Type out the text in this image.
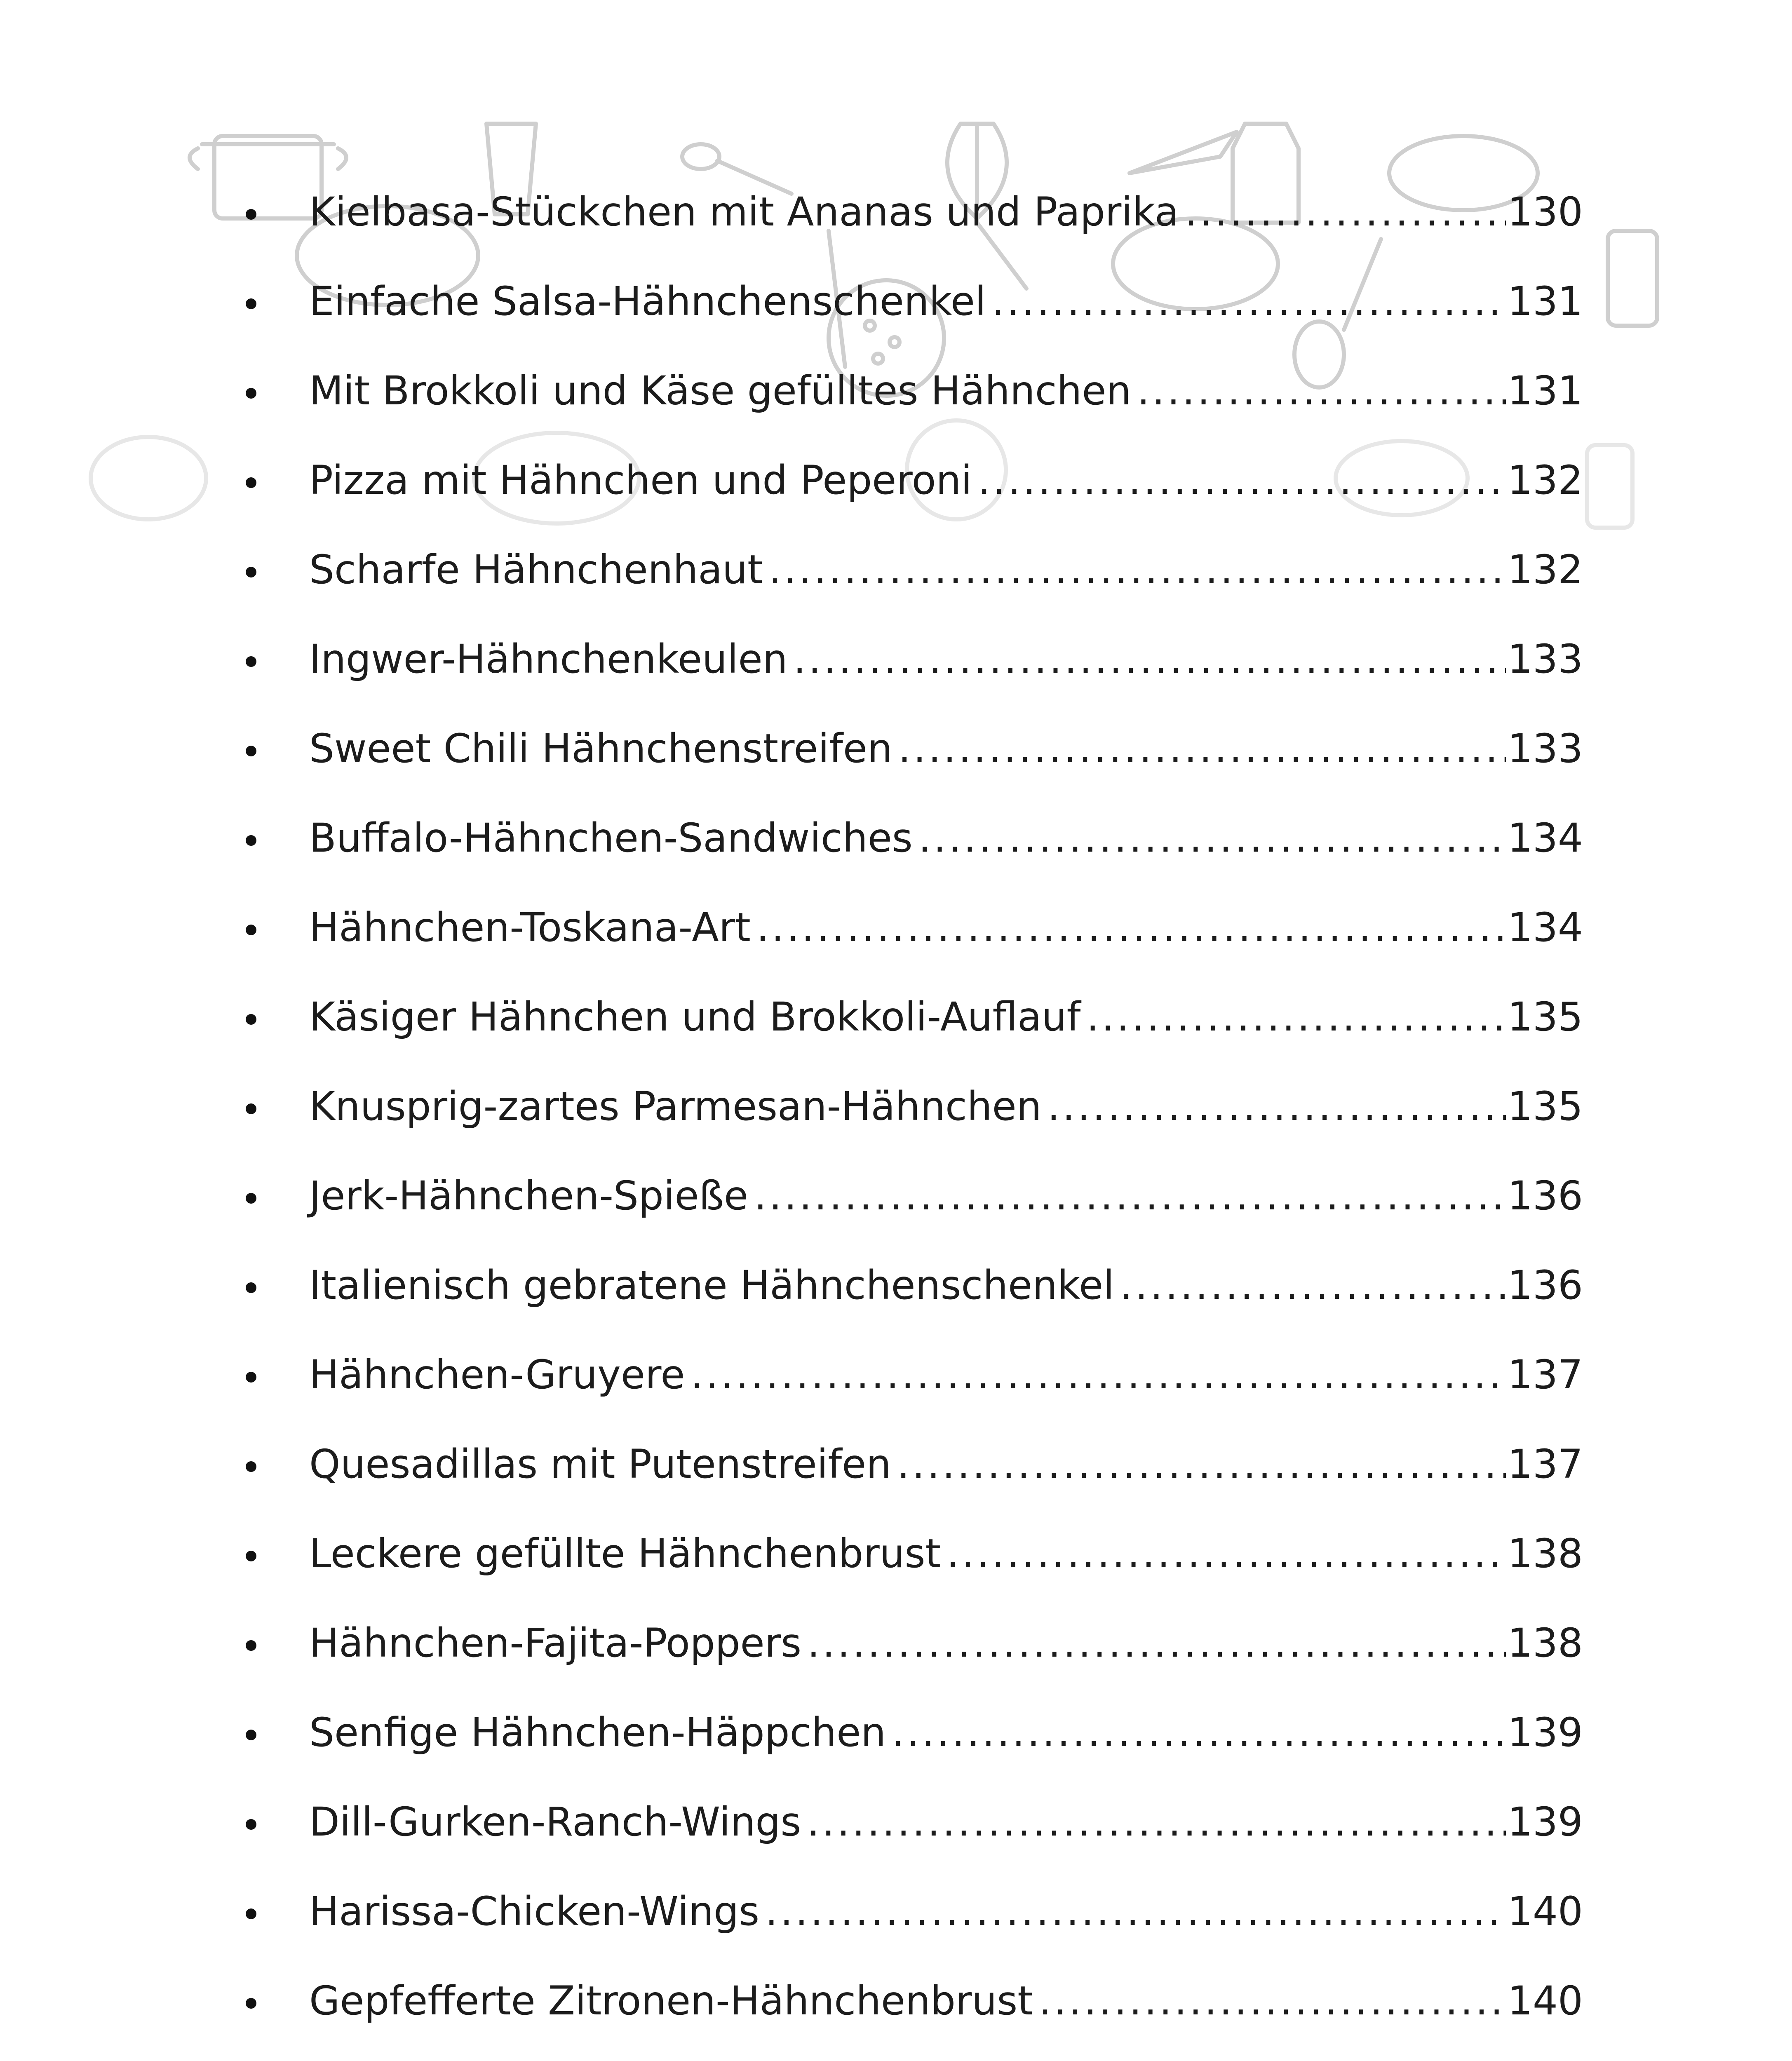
Kielbasa-Stückchen mit Ananas und Paprika .....	130
Einfache Salsa-Hähnchenschenkel .....	131
Mit Brokkoli und Käse gefülltes Hähnchen .....	131
Pizza mit Hähnchen und Peperoni .....	132
Scharfe Hähnchenhaut .....	132
Ingwer-Hähnchenkeulen .....	133
Sweet Chili Hähnchenstreifen .....	133
Buffalo-Hähnchen-Sandwiches .....	134
Hähnchen-Toskana-Art .....	134
Käsiger Hähnchen und Brokkoli-Auflauf .....	135
Knusprig-zartes Parmesan-Hähnchen .....	135
Jerk-Hähnchen-Spieße .....	136
Italienisch gebratene Hähnchenschenkel .....	136
Hähnchen-Gruyere .....	137
Quesadillas mit Putenstreifen .....	137
Leckere gefüllte Hähnchenbrust .....	138
Hähnchen-Fajita-Poppers .....	138
Senfige Hähnchen-Häppchen .....	139
Dill-Gurken-Ranch-Wings .....	139
Harissa-Chicken-Wings .....	140
Gepfefferte Zitronen-Hähnchenbrust .....	140
